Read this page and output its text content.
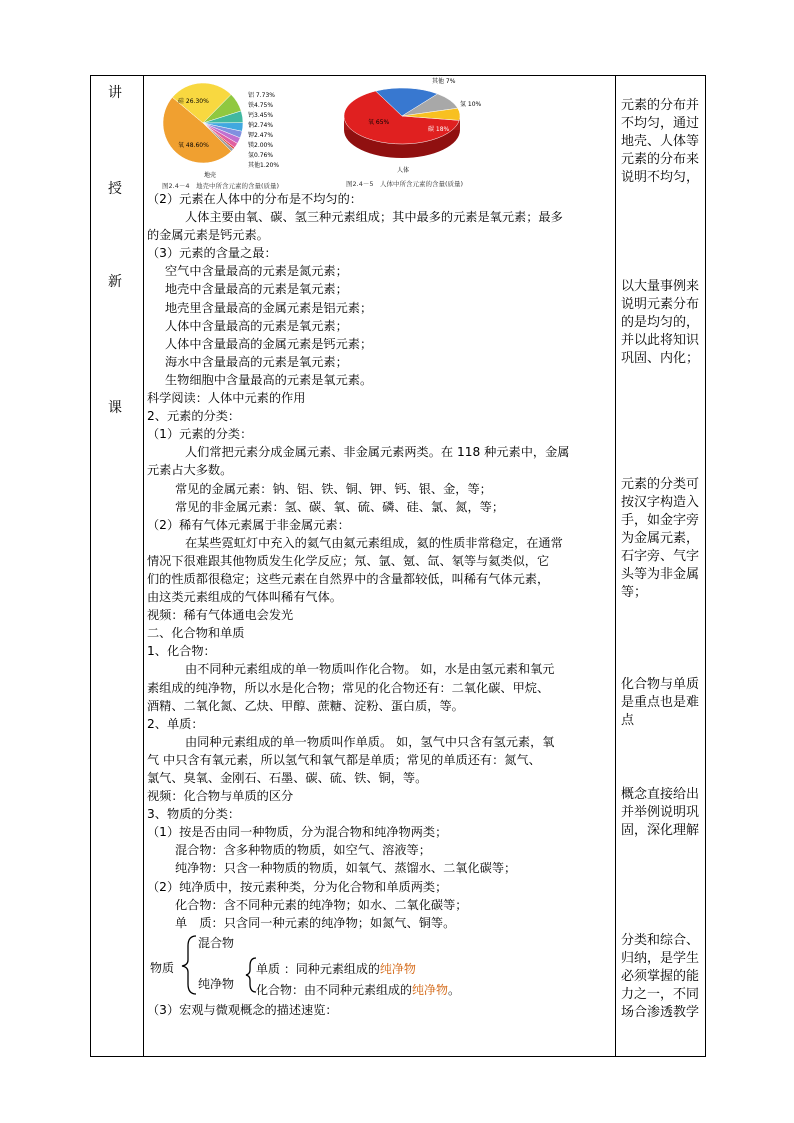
讲
授
新
课
硅 26.30%
氧 48.60%
铝 7.73%
铁4.75%
钙3.45%
钠2.74%
钾2.47%
镁2.00%
氢0.76%
其他1.20%
地壳
图2.4－4　地壳中所含元素的含量(质量)
其他 7%
氢 10%
氧 65%
碳 18%
人体
图2.4－5　人体中所含元素的含量(质量)

（2）元素在人体中的分布是不均匀的：

人体主要由氧、碳、氢三种元素组成；其中最多的元素是氧元素；最多

的金属元素是钙元素。

（3）元素的含量之最：

空气中含量最高的元素是氮元素；

地壳中含量最高的元素是氧元素；

地壳里含量最高的金属元素是铝元素；

人体中含量最高的元素是氧元素；

人体中含量最高的金属元素是钙元素；

海水中含量最高的元素是氧元素；

生物细胞中含量最高的元素是氧元素。

科学阅读：人体中元素的作用

2、元素的分类：

（1）元素的分类：

人们常把元素分成金属元素、非金属元素两类。在 118 种元素中，金属

元素占大多数。

常见的金属元素：钠、铝、铁、铜、钾、钙、银、金，等；

常见的非金属元素：氢、碳、氧、硫、磷、硅、氯、氮，等；

（2）稀有气体元素属于非金属元素：

在某些霓虹灯中充入的氦气由氦元素组成，氦的性质非常稳定，在通常

情况下很难跟其他物质发生化学反应；氖、氩、氪、氙、氡等与氦类似，它

们的性质都很稳定；这些元素在自然界中的含量都较低，叫稀有气体元素，

由这类元素组成的气体叫稀有气体。

视频：稀有气体通电会发光

二、化合物和单质

1、化合物：

由不同种元素组成的单一物质叫作化合物。 如，水是由氢元素和氧元

素组成的纯净物，所以水是化合物；常见的化合物还有：二氧化碳、甲烷、

酒精、二氧化氮、乙炔、甲醇、蔗糖、淀粉、蛋白质，等。

2、单质：

由同种元素组成的单一物质叫作单质。 如，氢气中只含有氢元素，氧

气 中只含有氧元素，所以氢气和氧气都是单质；常见的单质还有：氮气、

氯气、臭氧、金刚石、石墨、碳、硫、铁、铜，等。

视频：化合物与单质的区分

3、物质的分类：

（1）按是否由同一种物质，分为混合物和纯净物两类；

混合物：含多种物质的物质，如空气、溶液等；

纯净物：只含一种物质的物质，如氧气、蒸馏水、二氧化碳等；

（2）纯净质中，按元素种类，分为化合物和单质两类；

化合物：含不同种元素的纯净物；如水、二氧化碳等；

单　质：只含同一种元素的纯净物；如氮气、铜等。

物质
混合物
纯净物
单质 ：同种元素组成的纯净物
化合物：由不同种元素组成的纯净物。

（3）宏观与微观概念的描述速览：

元素的分布并不均匀，通过地壳、人体等元素的分布来说明不均匀，

以大量事例来说明元素分布的是均匀的，并以此将知识巩固、内化；

元素的分类可按汉字构造入手，如金字旁为金属元素，石字旁、气字头等为非金属等；

化合物与单质是重点也是难点

概念直接给出并举例说明巩固，深化理解

分类和综合、归纳，是学生必须掌握的能力之一，不同场合渗透教学
